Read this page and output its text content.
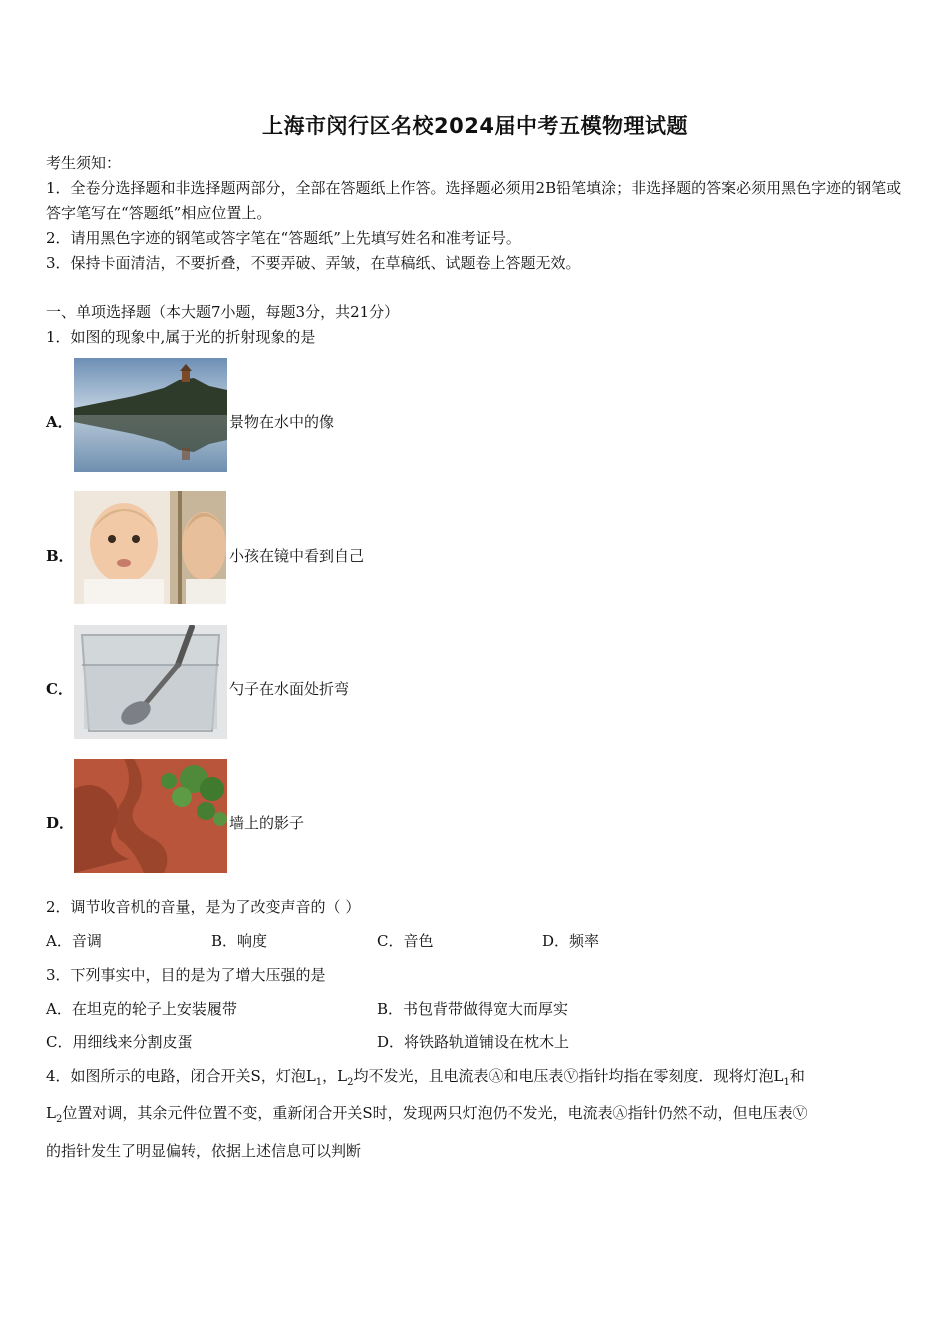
上海市闵行区名校2024届中考五模物理试题
考生须知：
1．全卷分选择题和非选择题两部分，全部在答题纸上作答。选择题必须用2B铅笔填涂；非选择题的答案必须用黑色字迹的钢笔或答字笔写在“答题纸”相应位置上。
2．请用黑色字迹的钢笔或答字笔在“答题纸”上先填写姓名和准考证号。
3．保持卡面清洁，不要折叠，不要弄破、弄皱，在草稿纸、试题卷上答题无效。
一、单项选择题（本大题7小题，每题3分，共21分）
1．如图的现象中,属于光的折射现象的是
A．	景物在水中的像
B．	小孩在镜中看到自己
C．	勺子在水面处折弯
D．	墙上的影子
2．调节收音机的音量，是为了改变声音的（ ）
A．音调	B．响度	C．音色	D．频率
3．下列事实中，目的是为了增大压强的是
A．在坦克的轮子上安装履带	B．书包背带做得宽大而厚实
C．用细线来分割皮蛋	D．将铁路轨道铺设在枕木上
4．如图所示的电路，闭合开关S，灯泡$L_1$，$L_2$均不发光，且电流表Ⓐ和电压表Ⓥ指针均指在零刻度．现将灯泡$L_1$和
$L_2$位置对调，其余元件位置不变，重新闭合开关S时，发现两只灯泡仍不发光，电流表Ⓐ指针仍然不动，但电压表Ⓥ
的指针发生了明显偏转，依据上述信息可以判断
